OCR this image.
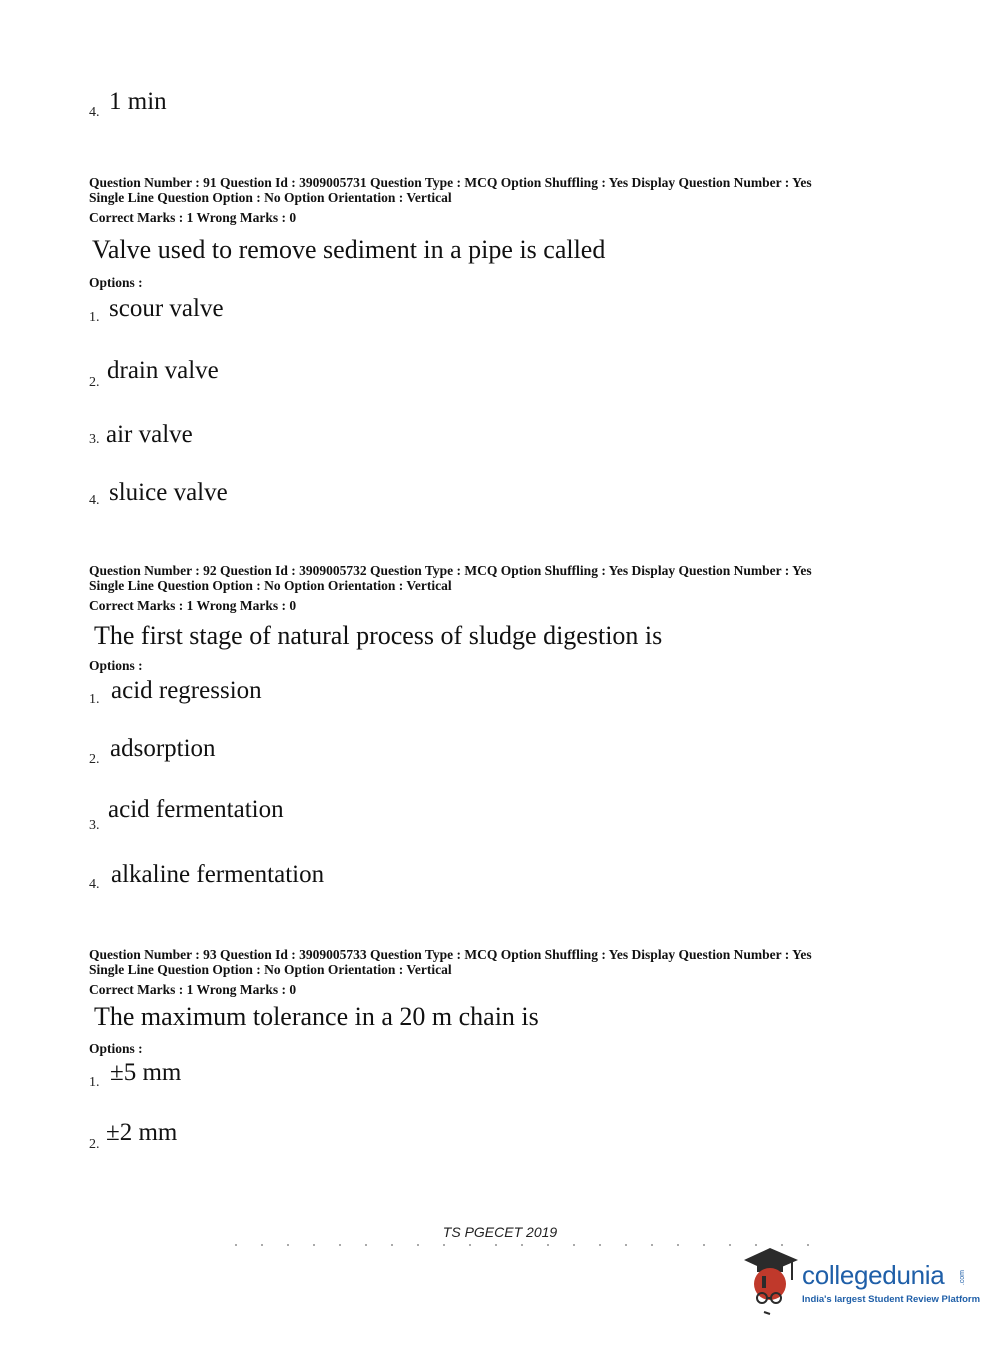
4. 1 min
Question Number : 91 Question Id : 3909005731 Question Type : MCQ Option Shuffling : Yes Display Question Number : Yes
Single Line Question Option : No Option Orientation : Vertical
Correct Marks : 1 Wrong Marks : 0
Valve used to remove sediment in a pipe is called
Options :
1. scour valve
2. drain valve
3. air valve
4. sluice valve
Question Number : 92 Question Id : 3909005732 Question Type : MCQ Option Shuffling : Yes Display Question Number : Yes
Single Line Question Option : No Option Orientation : Vertical
Correct Marks : 1 Wrong Marks : 0
The first stage of natural process of sludge digestion is
Options :
1. acid regression
2. adsorption
3.
acid fermentation
4. alkaline fermentation
Question Number : 93 Question Id : 3909005733 Question Type : MCQ Option Shuffling : Yes Display Question Number : Yes
Single Line Question Option : No Option Orientation : Vertical
Correct Marks : 1 Wrong Marks : 0
The maximum tolerance in a 20 m chain is
Options :
1. ±5 mm
2. ±2 mm
TS PGECET 2019
collegedunia .com
India's largest Student Review Platform
